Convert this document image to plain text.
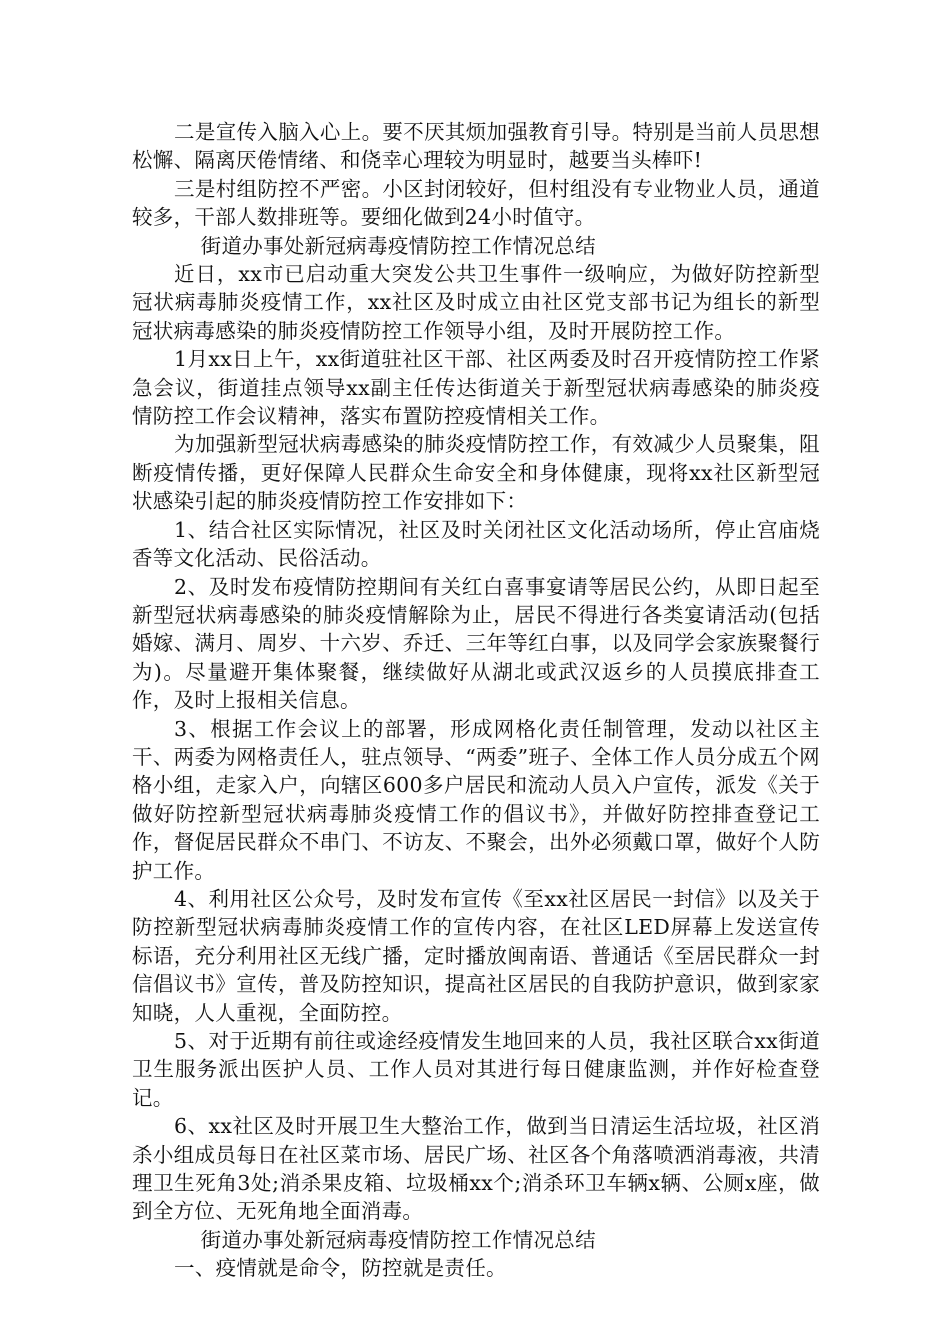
二是宣传入脑入心上。要不厌其烦加强教育引导。特别是当前人员思想松懈、隔离厌倦情绪、和侥幸心理较为明显时，越要当头棒吓!

三是村组防控不严密。小区封闭较好，但村组没有专业物业人员，通道较多，干部人数排班等。要细化做到24小时值守。

街道办事处新冠病毒疫情防控工作情况总结

近日，xx市已启动重大突发公共卫生事件一级响应，为做好防控新型冠状病毒肺炎疫情工作，xx社区及时成立由社区党支部书记为组长的新型冠状病毒感染的肺炎疫情防控工作领导小组，及时开展防控工作。

1月xx日上午，xx街道驻社区干部、社区两委及时召开疫情防控工作紧急会议，街道挂点领导xx副主任传达街道关于新型冠状病毒感染的肺炎疫情防控工作会议精神，落实布置防控疫情相关工作。

为加强新型冠状病毒感染的肺炎疫情防控工作，有效减少人员聚集，阻断疫情传播，更好保障人民群众生命安全和身体健康，现将xx社区新型冠状感染引起的肺炎疫情防控工作安排如下：

1、结合社区实际情况，社区及时关闭社区文化活动场所，停止宫庙烧香等文化活动、民俗活动。

2、及时发布疫情防控期间有关红白喜事宴请等居民公约，从即日起至新型冠状病毒感染的肺炎疫情解除为止，居民不得进行各类宴请活动(包括婚嫁、满月、周岁、十六岁、乔迁、三年等红白事，以及同学会家族聚餐行为)。尽量避开集体聚餐，继续做好从湖北或武汉返乡的人员摸底排查工作，及时上报相关信息。

3、根据工作会议上的部署，形成网格化责任制管理，发动以社区主干、两委为网格责任人，驻点领导、“两委”班子、全体工作人员分成五个网格小组，走家入户，向辖区600多户居民和流动人员入户宣传，派发《关于做好防控新型冠状病毒肺炎疫情工作的倡议书》，并做好防控排查登记工作，督促居民群众不串门、不访友、不聚会，出外必须戴口罩，做好个人防护工作。

4、利用社区公众号，及时发布宣传《至xx社区居民一封信》以及关于防控新型冠状病毒肺炎疫情工作的宣传内容，在社区LED屏幕上发送宣传标语，充分利用社区无线广播，定时播放闽南语、普通话《至居民群众一封信倡议书》宣传，普及防控知识，提高社区居民的自我防护意识，做到家家知晓，人人重视，全面防控。

5、对于近期有前往或途经疫情发生地回来的人员，我社区联合xx街道卫生服务派出医护人员、工作人员对其进行每日健康监测，并作好检查登记。

6、xx社区及时开展卫生大整治工作，做到当日清运生活垃圾，社区消杀小组成员每日在社区菜市场、居民广场、社区各个角落喷洒消毒液，共清理卫生死角3处;消杀果皮箱、垃圾桶xx个;消杀环卫车辆x辆、公厕x座，做到全方位、无死角地全面消毒。

街道办事处新冠病毒疫情防控工作情况总结

一、疫情就是命令，防控就是责任。
